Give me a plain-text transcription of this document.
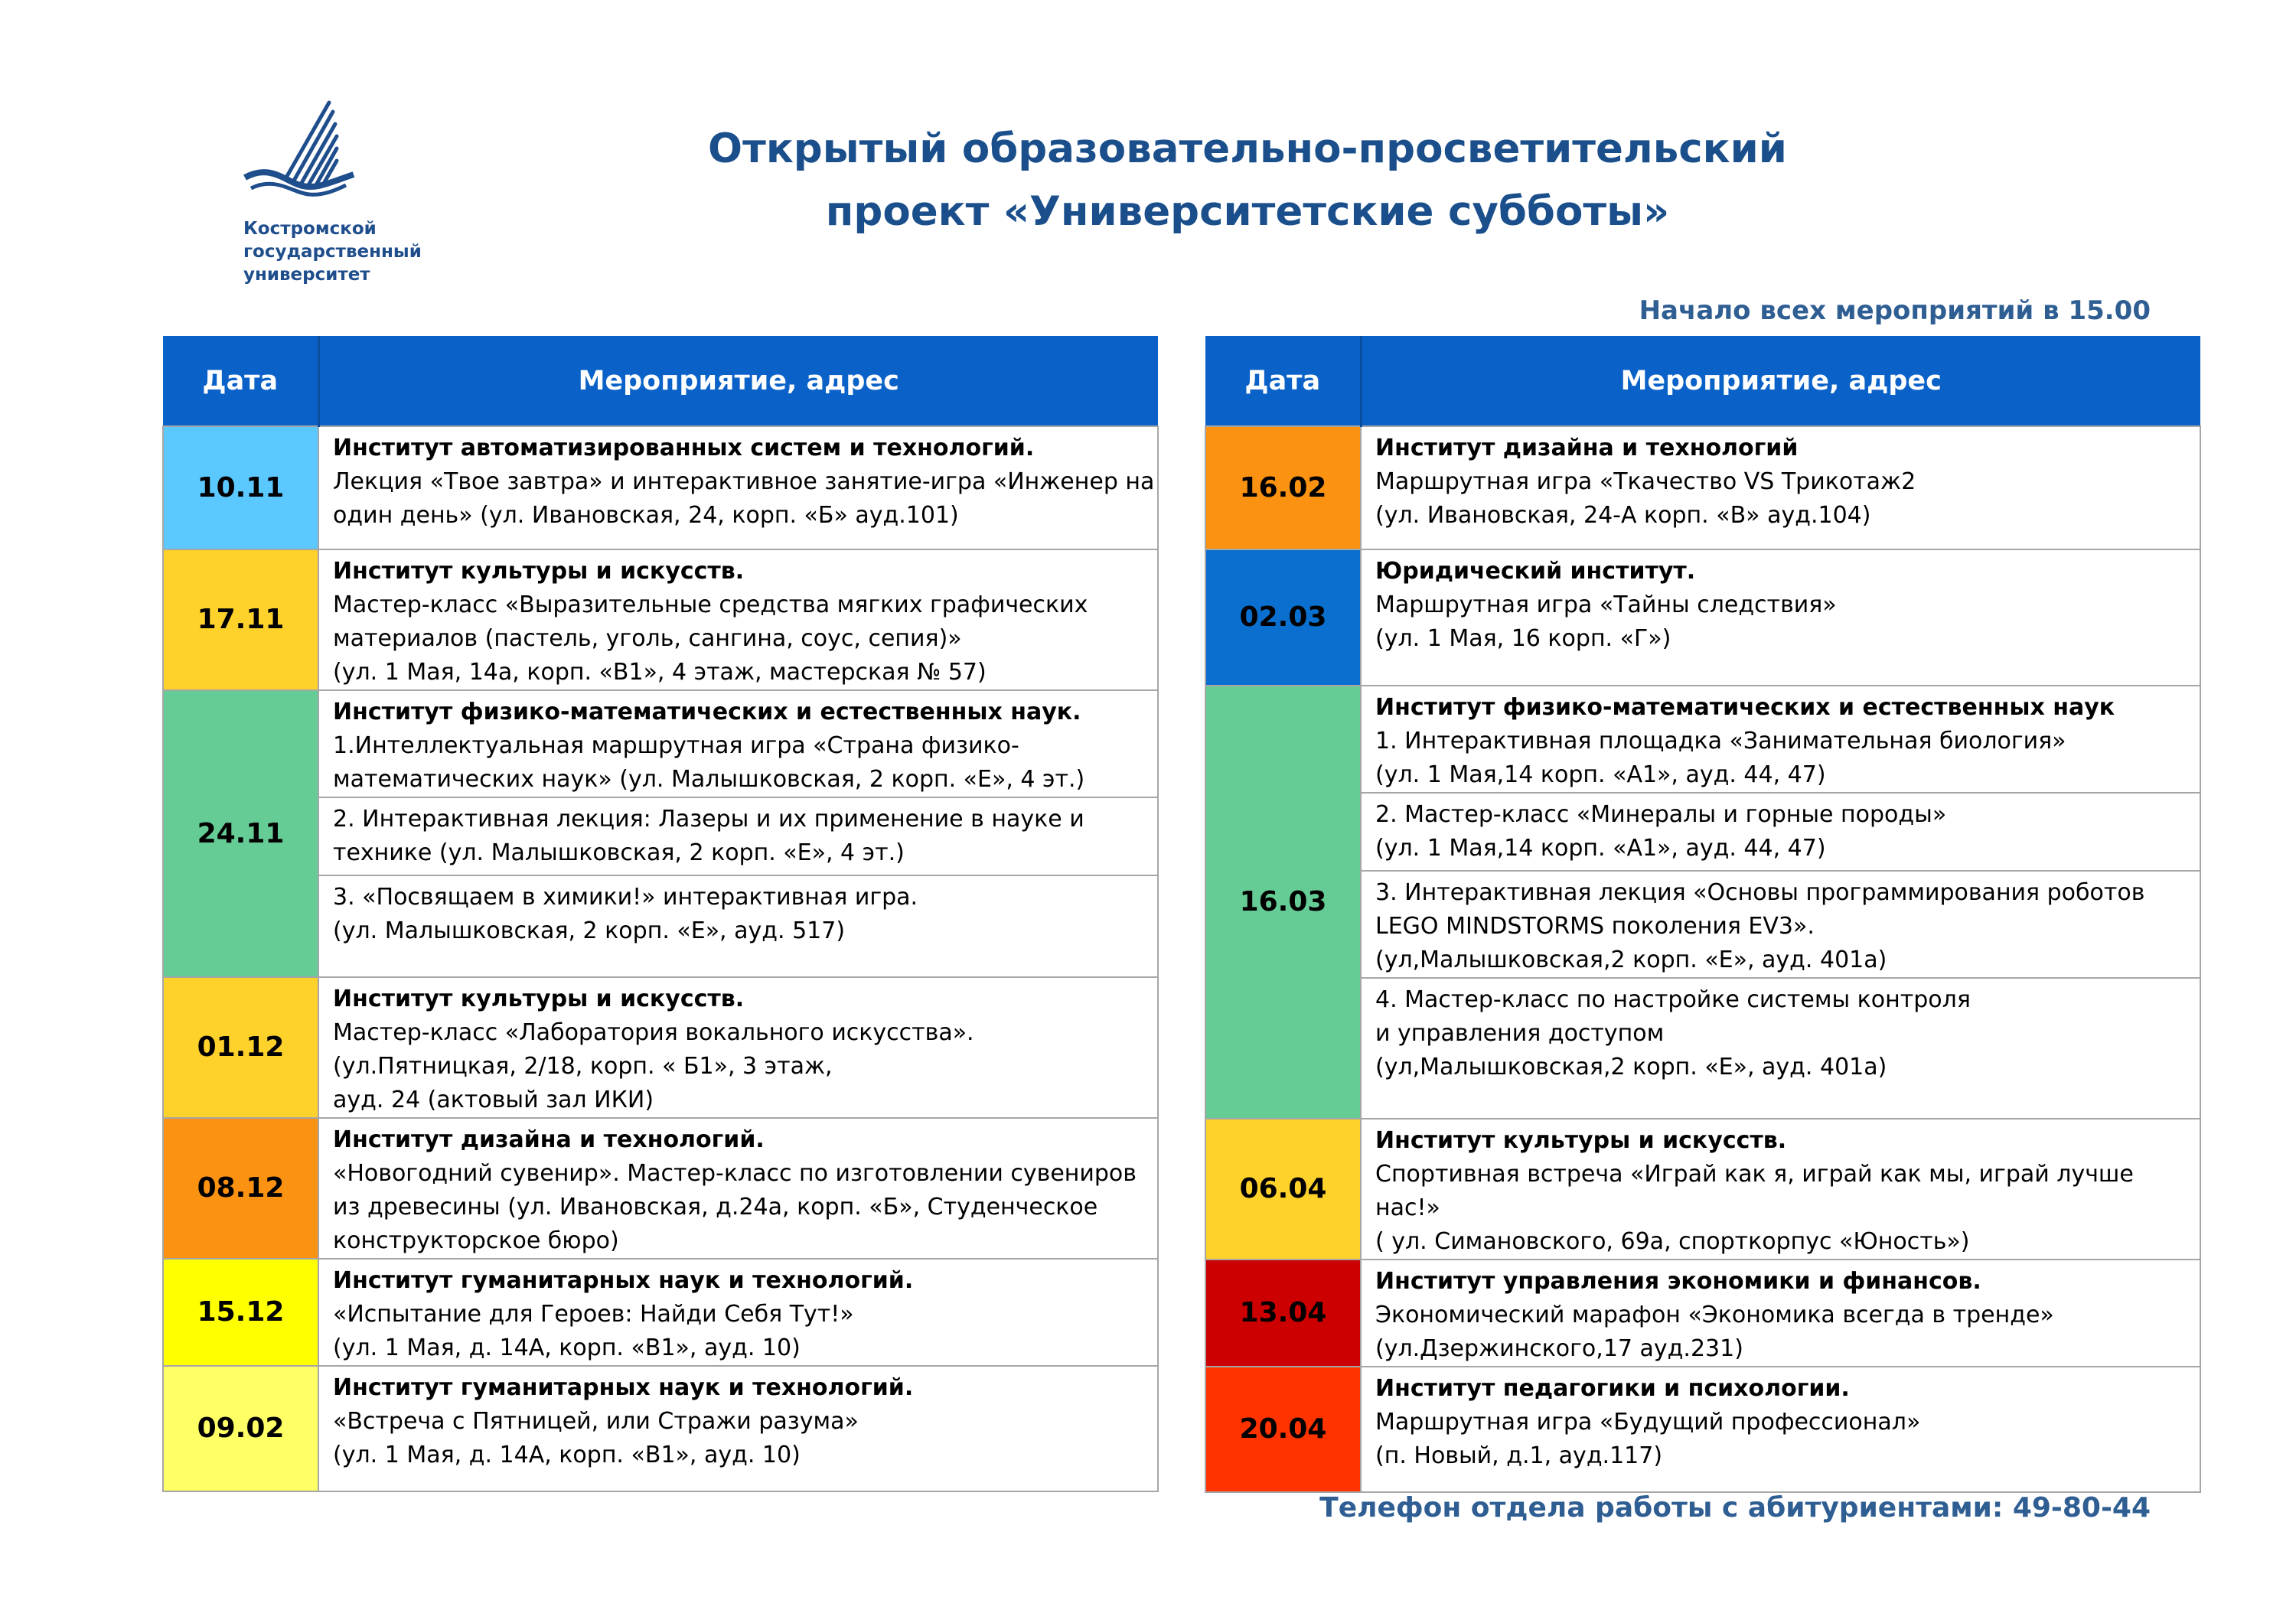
Костромской
государственный
университет
Открытый образовательно-просветительский
проект «Университетские субботы»
Начало всех мероприятий в 15.00
Дата	Мероприятие, адрес
10.11	Институт автоматизированных систем и технологий.
Лекция «Твое завтра» и интерактивное занятие-игра «Инженер на
один день» (ул. Ивановская, 24, корп. «Б» ауд.101)

17.11	Институт культуры и искусств.
Мастер-класс «Выразительные средства мягких графических
материалов (пастель, уголь, сангина, соус, сепия)»
(ул. 1 Мая, 14а, корп. «В1», 4 этаж, мастерская № 57)

24.11	Институт физико-математических и естественных наук.
1.Интеллектуальная маршрутная игра «Страна физико-
математических наук» (ул. Малышковская, 2 корп. «Е», 4 эт.)

	2. Интерактивная лекция: Лазеры и их применение в науке и
технике (ул. Малышковская, 2 корп. «Е», 4 эт.)

	3. «Посвящаем в химики!» интерактивная игра.
(ул. Малышковская, 2 корп. «Е», ауд. 517)

01.12	Институт культуры и искусств.
Мастер-класс «Лаборатория вокального искусства».
(ул.Пятницкая, 2/18, корп. « Б1», 3 этаж,
ауд. 24 (актовый зал ИКИ)

08.12	Институт дизайна и технологий.
«Новогодний сувенир». Мастер-класс по изготовлении сувениров
из древесины (ул. Ивановская, д.24а, корп. «Б», Студенческое
конструкторское бюро)

15.12	Институт гуманитарных наук и технологий.
«Испытание для Героев: Найди Себя Тут!»
(ул. 1 Мая, д. 14А, корп. «В1», ауд. 10)

09.02	Институт гуманитарных наук и технологий.
«Встреча с Пятницей, или Стражи разума»
(ул. 1 Мая, д. 14А, корп. «В1», ауд. 10)
Дата	Мероприятие, адрес
16.02	Институт дизайна и технологий
Маршрутная игра «Ткачество VS Трикотаж2
(ул. Ивановская, 24-А корп. «В» ауд.104)

02.03	Юридический институт.
Маршрутная игра «Тайны следствия»
(ул. 1 Мая, 16 корп. «Г»)

16.03	Институт физико-математических и естественных наук
1. Интерактивная площадка «Занимательная биология»
(ул. 1 Мая,14 корп. «А1», ауд. 44, 47)

	2. Мастер-класс «Минералы и горные породы»
(ул. 1 Мая,14 корп. «А1», ауд. 44, 47)

	3. Интерактивная лекция «Основы программирования роботов
LEGO MINDSTORMS поколения EV3».
(ул,Малышковская,2 корп. «Е», ауд. 401а)

	4. Мастер-класс по настройке системы контроля
и управления доступом
(ул,Малышковская,2 корп. «Е», ауд. 401а)

06.04	Институт культуры и искусств.
Спортивная встреча «Играй как я, играй как мы, играй лучше
нас!»
( ул. Симановского, 69а, спорткорпус «Юность»)

13.04	Институт управления экономики и финансов.
Экономический марафон «Экономика всегда в тренде»
(ул.Дзержинского,17 ауд.231)

20.04	Институт педагогики и психологии.
Маршрутная игра «Будущий профессионал»
(п. Новый, д.1, ауд.117)
Телефон отдела работы с абитуриентами: 49-80-44
